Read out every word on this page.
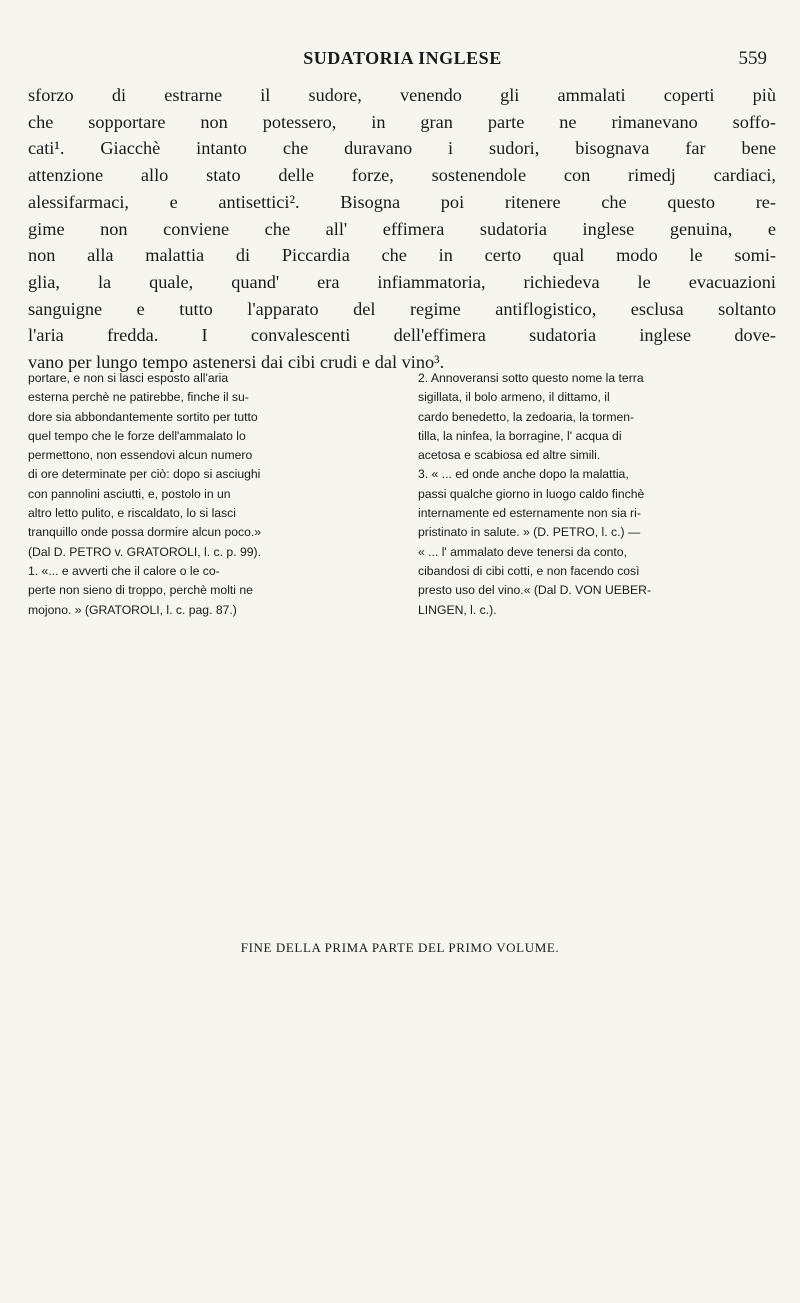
SUDATORIA INGLESE	559
sforzo di estrarne il sudore, venendo gli ammalati coperti più
che sopportare non potessero, in gran parte ne rimanevano soffo-
cati¹. Giacchè intanto che duravano i sudori, bisognava far bene
attenzione allo stato delle forze, sostenendole con rimedj cardiaci,
alessifarmaci, e antisettici². Bisogna poi ritenere che questo re-
gime non conviene che all' effimera sudatoria inglese genuina, e
non alla malattia di Piccardia che in certo qual modo le somi-
glia, la quale, quand' era infiammatoria, richiedeva le evacuazioni
sanguigne e tutto l'apparato del regime antiflogistico, esclusa soltanto
l'aria fredda. I convalescenti dell'effimera sudatoria inglese dove-
vano per lungo tempo astenersi dai cibi crudi e dal vino³.
portare, e non si lasci esposto all'aria
esterna perchè ne patirebbe, finche il su-
dore sia abbondantemente sortito per tutto
quel tempo che le forze dell'ammalato lo
permettono, non essendovi alcun numero
di ore determinate per ciò: dopo si asciughi
con pannolini asciutti, e, postolo in un
altro letto pulito, e riscaldato, lo si lasci
tranquillo onde possa dormire alcun poco.»
(Dal D. PETRO v. GRATOROLI, l. c. p. 99).
1. «... e avverti che il calore o le co-
perte non sieno di troppo, perchè molti ne
mojono. » (GRATOROLI, l. c. pag. 87.)
2. Annoveransi sotto questo nome la terra
sigillata, il bolo armeno, il dittamo, il
cardo benedetto, la zedoaria, la tormen-
tilla, la ninfea, la borragine, l' acqua di
acetosa e scabiosa ed altre simili.
3. « ... ed onde anche dopo la malattia,
passi qualche giorno in luogo caldo finchè
internamente ed esternamente non sia ri-
pristinato in salute. » (D. PETRO, l. c.) —
« ... l' ammalato deve tenersi da conto,
cibandosi di cibi cotti, e non facendo così
presto uso del vino.« (Dal D. VON UEBER-
LINGEN, l. c.).
FINE DELLA PRIMA PARTE DEL PRIMO VOLUME.
